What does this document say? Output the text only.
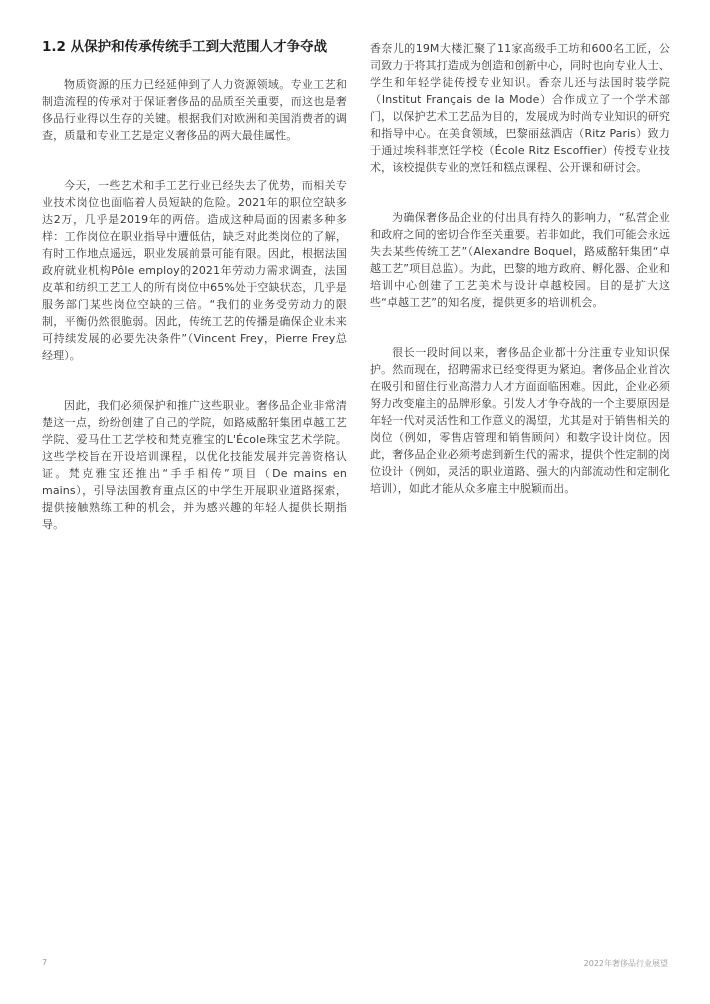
1.2 从保护和传承传统手工到大范围人才争夺战

物质资源的压力已经延伸到了人力资源领域。专业工艺和制造流程的传承对于保证奢侈品的品质至关重要，而这也是奢侈品行业得以生存的关键。根据我们对欧洲和美国消费者的调查，质量和专业工艺是定义奢侈品的两大最佳属性。

今天，一些艺术和手工艺行业已经失去了优势，而相关专业技术岗位也面临着人员短缺的危险。2021年的职位空缺多达2万，几乎是2019年的两倍。造成这种局面的因素多种多样：工作岗位在职业指导中遭低估，缺乏对此类岗位的了解，有时工作地点遥远，职业发展前景可能有限。因此，根据法国政府就业机构Pôle employ的2021年劳动力需求调查，法国皮革和纺织工艺工人的所有岗位中65%处于空缺状态，几乎是服务部门某些岗位空缺的三倍。“我们的业务受劳动力的限制，平衡仍然很脆弱。因此，传统工艺的传播是确保企业未来可持续发展的必要先决条件”（Vincent Frey，Pierre Frey总经理）。

因此，我们必须保护和推广这些职业。奢侈品企业非常清楚这一点，纷纷创建了自己的学院，如路威酩轩集团卓越工艺学院、爱马仕工艺学校和梵克雅宝的L'École珠宝艺术学院。这些学校旨在开设培训课程，以优化技能发展并完善资格认证。梵克雅宝还推出“手手相传”项目（De mains en mains），引导法国教育重点区的中学生开展职业道路探索，提供接触熟练工种的机会，并为感兴趣的年轻人提供长期指导。

香奈儿的19M大楼汇聚了11家高级手工坊和600名工匠，公司致力于将其打造成为创造和创新中心，同时也向专业人士、学生和年轻学徒传授专业知识。香奈儿还与法国时装学院（Institut Français de la Mode）合作成立了一个学术部门，以保护艺术工艺品为目的，发展成为时尚专业知识的研究和指导中心。在美食领域，巴黎丽兹酒店（Ritz Paris）致力于通过埃科菲烹饪学校（École Ritz Escoffier）传授专业技术，该校提供专业的烹饪和糕点课程、公开课和研讨会。

为确保奢侈品企业的付出具有持久的影响力，“私营企业和政府之间的密切合作至关重要。若非如此，我们可能会永远失去某些传统工艺”（Alexandre Boquel，路威酩轩集团“卓越工艺”项目总监）。为此，巴黎的地方政府、孵化器、企业和培训中心创建了工艺美术与设计卓越校园。目的是扩大这些“卓越工艺”的知名度，提供更多的培训机会。

很长一段时间以来，奢侈品企业都十分注重专业知识保护。然而现在，招聘需求已经变得更为紧迫。奢侈品企业首次在吸引和留住行业高潜力人才方面面临困难。因此，企业必须努力改变雇主的品牌形象。引发人才争夺战的一个主要原因是年轻一代对灵活性和工作意义的渴望，尤其是对于销售相关的岗位（例如，零售店管理和销售顾问）和数字设计岗位。因此，奢侈品企业必须考虑到新生代的需求，提供个性定制的岗位设计（例如，灵活的职业道路、强大的内部流动性和定制化培训），如此才能从众多雇主中脱颖而出。

7	2022年奢侈品行业展望
